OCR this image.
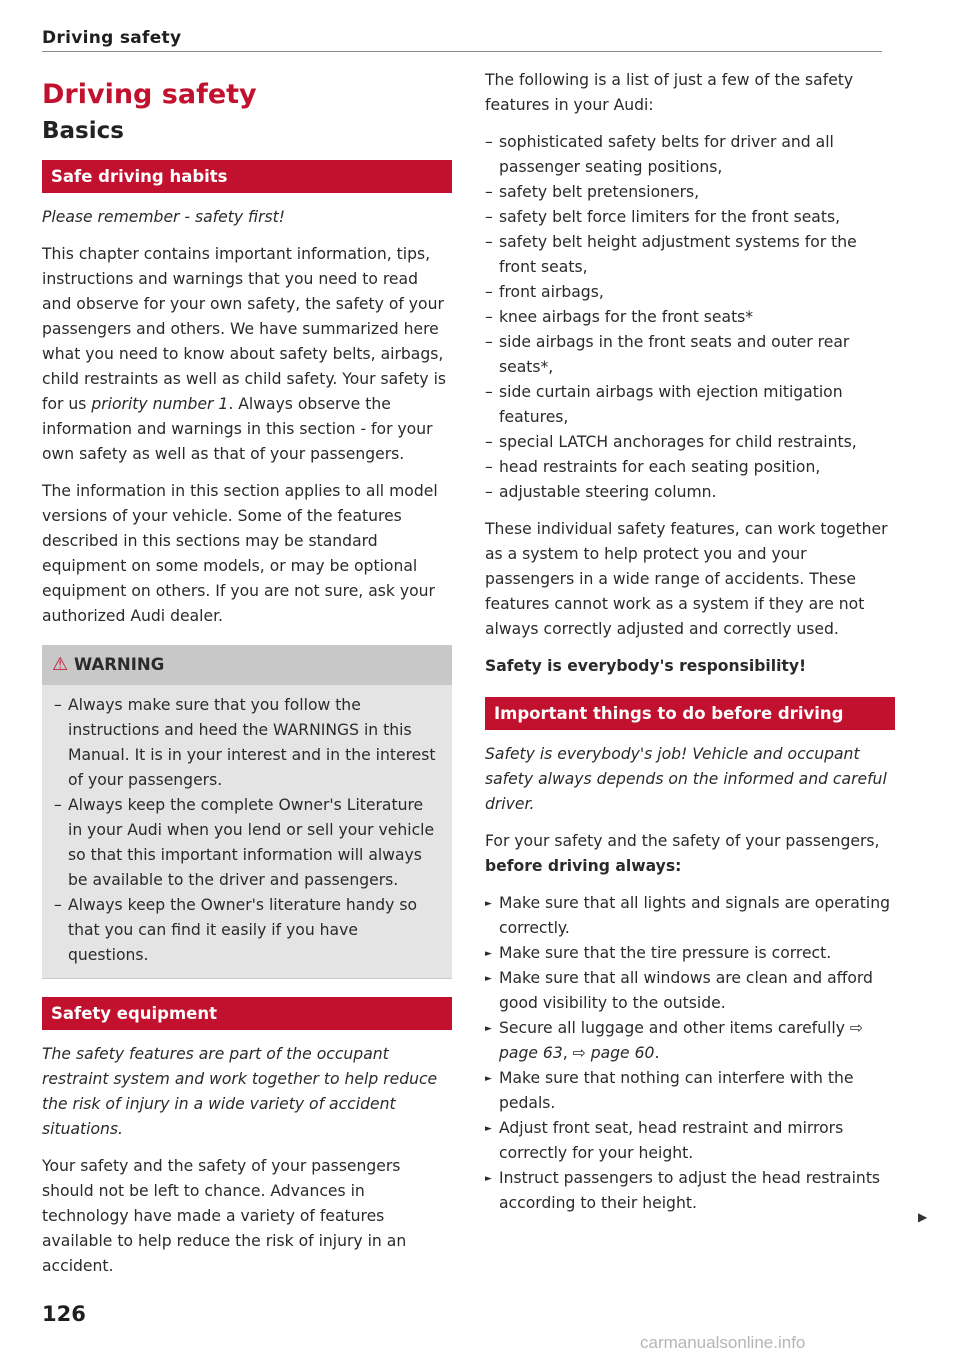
Driving safety
Driving safety
Basics
Safe driving habits

Please remember - safety first!

This chapter contains important information, tips, instructions and warnings that you need to read and observe for your own safety, the safety of your passengers and others. We have summarized here what you need to know about safety belts, airbags, child restraints as well as child safety. Your safety is for us priority number 1. Always observe the information and warnings in this section - for your own safety as well as that of your passengers.

The information in this section applies to all model versions of your vehicle. Some of the features described in this sections may be standard equipment on some models, or may be optional equipment on others. If you are not sure, ask your authorized Audi dealer.

⚠ WARNING
– Always make sure that you follow the instructions and heed the WARNINGS in this Manual. It is in your interest and in the interest of your passengers.
– Always keep the complete Owner's Literature in your Audi when you lend or sell your vehicle so that this important information will always be available to the driver and passengers.
– Always keep the Owner's literature handy so that you can find it easily if you have questions.
Safety equipment

The safety features are part of the occupant restraint system and work together to help reduce the risk of injury in a wide variety of accident situations.

Your safety and the safety of your passengers should not be left to chance. Advances in technology have made a variety of features available to help reduce the risk of injury in an accident.

The following is a list of just a few of the safety features in your Audi:

– sophisticated safety belts for driver and all passenger seating positions,
– safety belt pretensioners,
– safety belt force limiters for the front seats,
– safety belt height adjustment systems for the front seats,
– front airbags,
– knee airbags for the front seats*
– side airbags in the front seats and outer rear seats*,
– side curtain airbags with ejection mitigation features,
– special LATCH anchorages for child restraints,
– head restraints for each seating position,
– adjustable steering column.

These individual safety features, can work together as a system to help protect you and your passengers in a wide range of accidents. These features cannot work as a system if they are not always correctly adjusted and correctly used.

Safety is everybody's responsibility!
Important things to do before driving

Safety is everybody's job! Vehicle and occupant safety always depends on the informed and careful driver.

For your safety and the safety of your passengers, before driving always:

► Make sure that all lights and signals are operating correctly.
► Make sure that the tire pressure is correct.
► Make sure that all windows are clean and afford good visibility to the outside.
► Secure all luggage and other items carefully ⇨ page 63, ⇨ page 60.
► Make sure that nothing can interfere with the pedals.
► Adjust front seat, head restraint and mirrors correctly for your height.
► Instruct passengers to adjust the head restraints according to their height.
▶
126
carmanualsonline.info
